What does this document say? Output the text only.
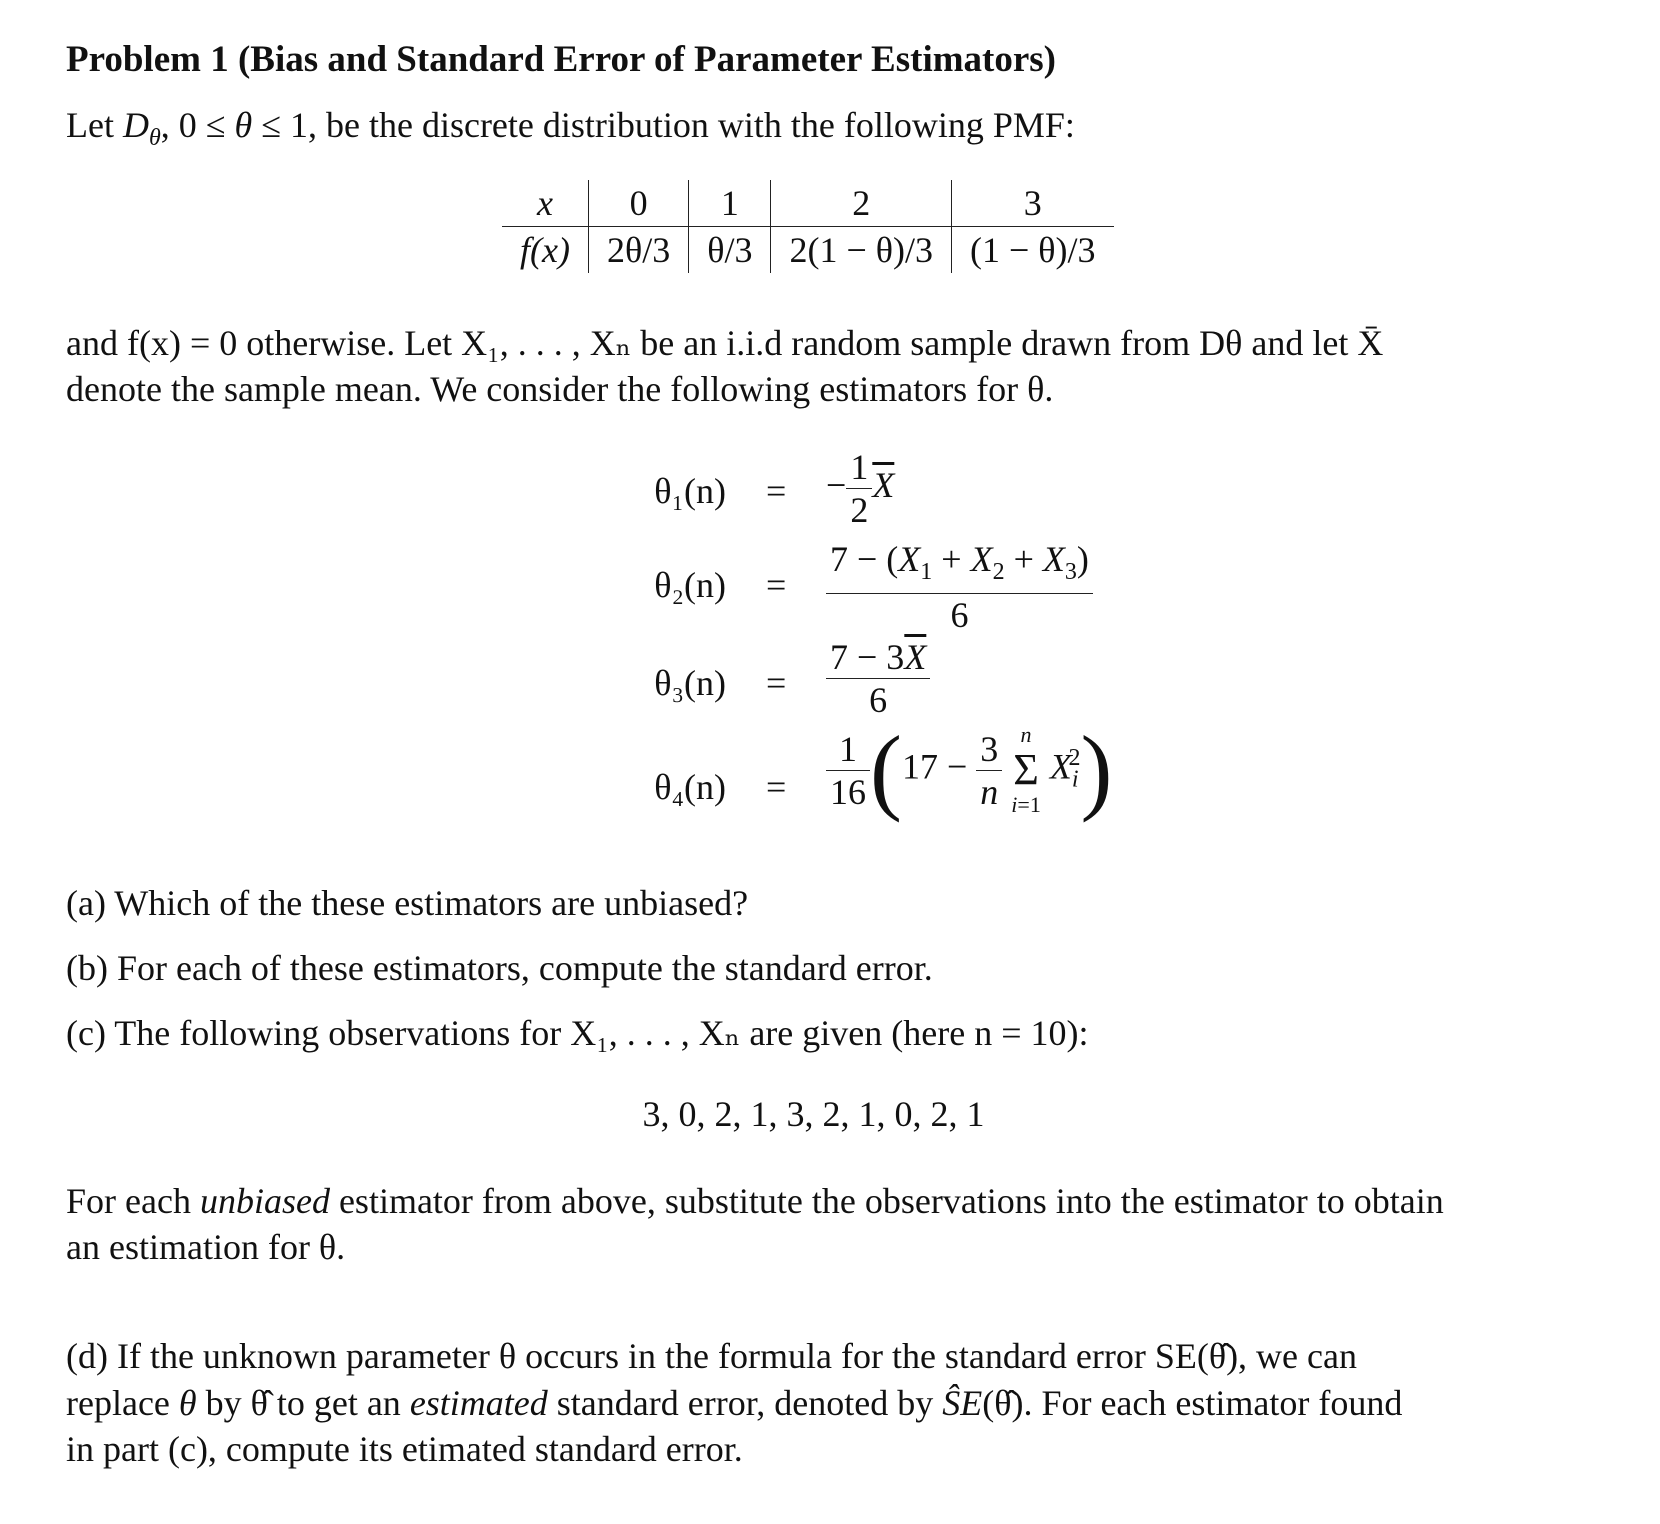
Problem 1 (Bias and Standard Error of Parameter Estimators)
Let $D_\theta$, 0 ≤ θ ≤ 1, be the discrete distribution with the following PMF:
x	0	1	2	3
f(x)	2θ/3	θ/3	2(1 − θ)/3	(1 − θ)/3
and f(x) = 0 otherwise. Let X₁, . . . , Xₙ be an i.i.d random sample drawn from Dθ and let X̄
denote the sample mean. We consider the following estimators for θ.
θ₁(n) = − $\frac{1}{2} \overline{X}$
$\theta_2(n) = \frac{7 - (X_1 + X_2 + X_3)}{6}$
$\theta_3(n) = \frac{7 - 3\overline{X}}{6}$
$\theta_4(n) = \frac{1}{16} (17 - \frac{3}{n}$ n
Σ
i=1 $X_i^2$)
(a) Which of the these estimators are unbiased?
(b) For each of these estimators, compute the standard error.
(c) The following observations for X₁, . . . , Xₙ are given (here n = 10):
3, 0, 2, 1, 3, 2, 1, 0, 2, 1
For each unbiased estimator from above, substitute the observations into the estimator to obtain
an estimation for θ.
(d) If the unknown parameter θ occurs in the formula for the standard error SE(θ̂), we can
replace θ by θ̂ to get an estimated standard error, denoted by ŜE(θ̂). For each estimator found
in part (c), compute its etimated standard error.
